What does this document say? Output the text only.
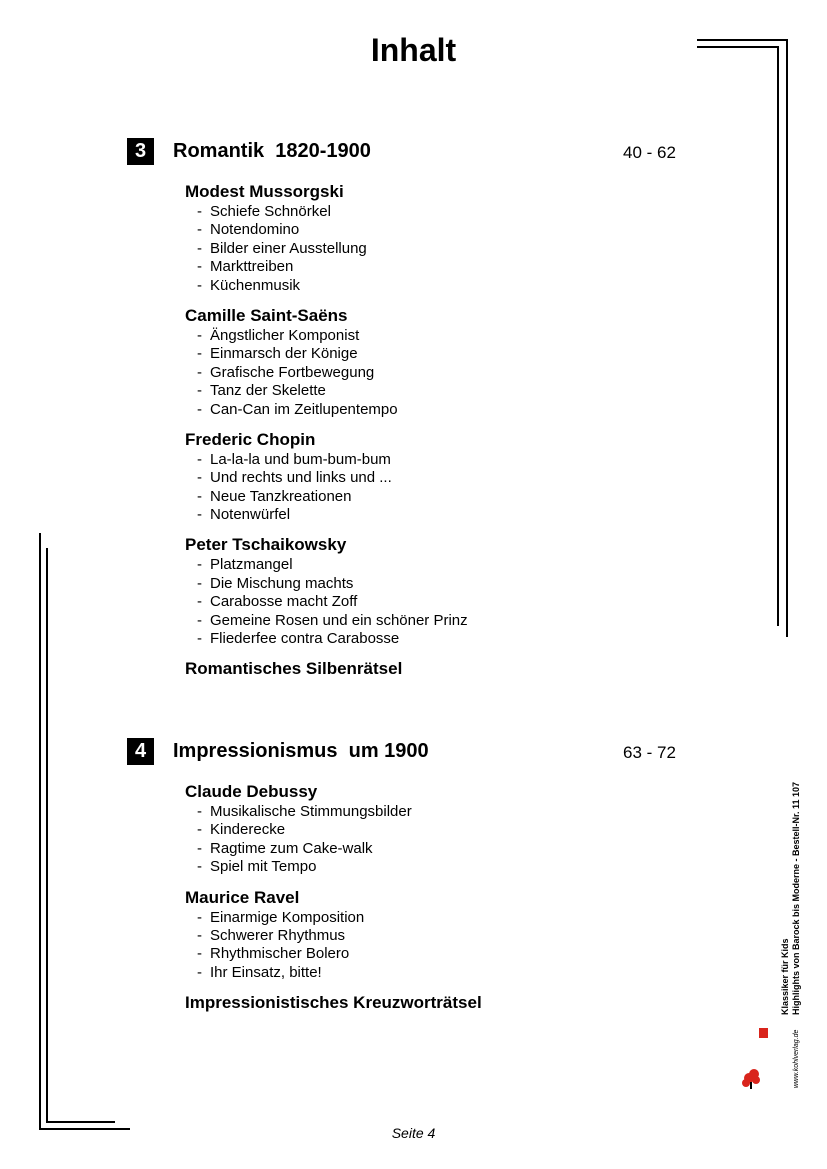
Inhalt
3	Romantik  1820-1900	40 - 62
Modest Mussorgski
- Schiefe Schnörkel
- Notendomino
- Bilder einer Ausstellung
- Markttreiben
- Küchenmusik
Camille Saint-Saëns
- Ängstlicher Komponist
- Einmarsch der Könige
- Grafische Fortbewegung
- Tanz der Skelette
- Can-Can im Zeitlupentempo
Frederic Chopin
- La-la-la und bum-bum-bum
- Und rechts und links und ...
- Neue Tanzkreationen
- Notenwürfel
Peter Tschaikowsky
- Platzmangel
- Die Mischung machts
- Carabosse macht Zoff
- Gemeine Rosen und ein schöner Prinz
- Fliederfee contra Carabosse
Romantisches Silbenrätsel
4	Impressionismus  um 1900	63 - 72
Claude Debussy
- Musikalische Stimmungsbilder
- Kinderecke
- Ragtime zum Cake-walk
- Spiel mit Tempo
Maurice Ravel
- Einarmige Komposition
- Schwerer Rhythmus
- Rhythmischer Bolero
- Ihr Einsatz, bitte!
Impressionistisches Kreuzworträtsel	Klassiker für Kids Highlights von Barock bis Moderne - Bestell-Nr. 11 107
www.kohlverlag.de
Seite 4
